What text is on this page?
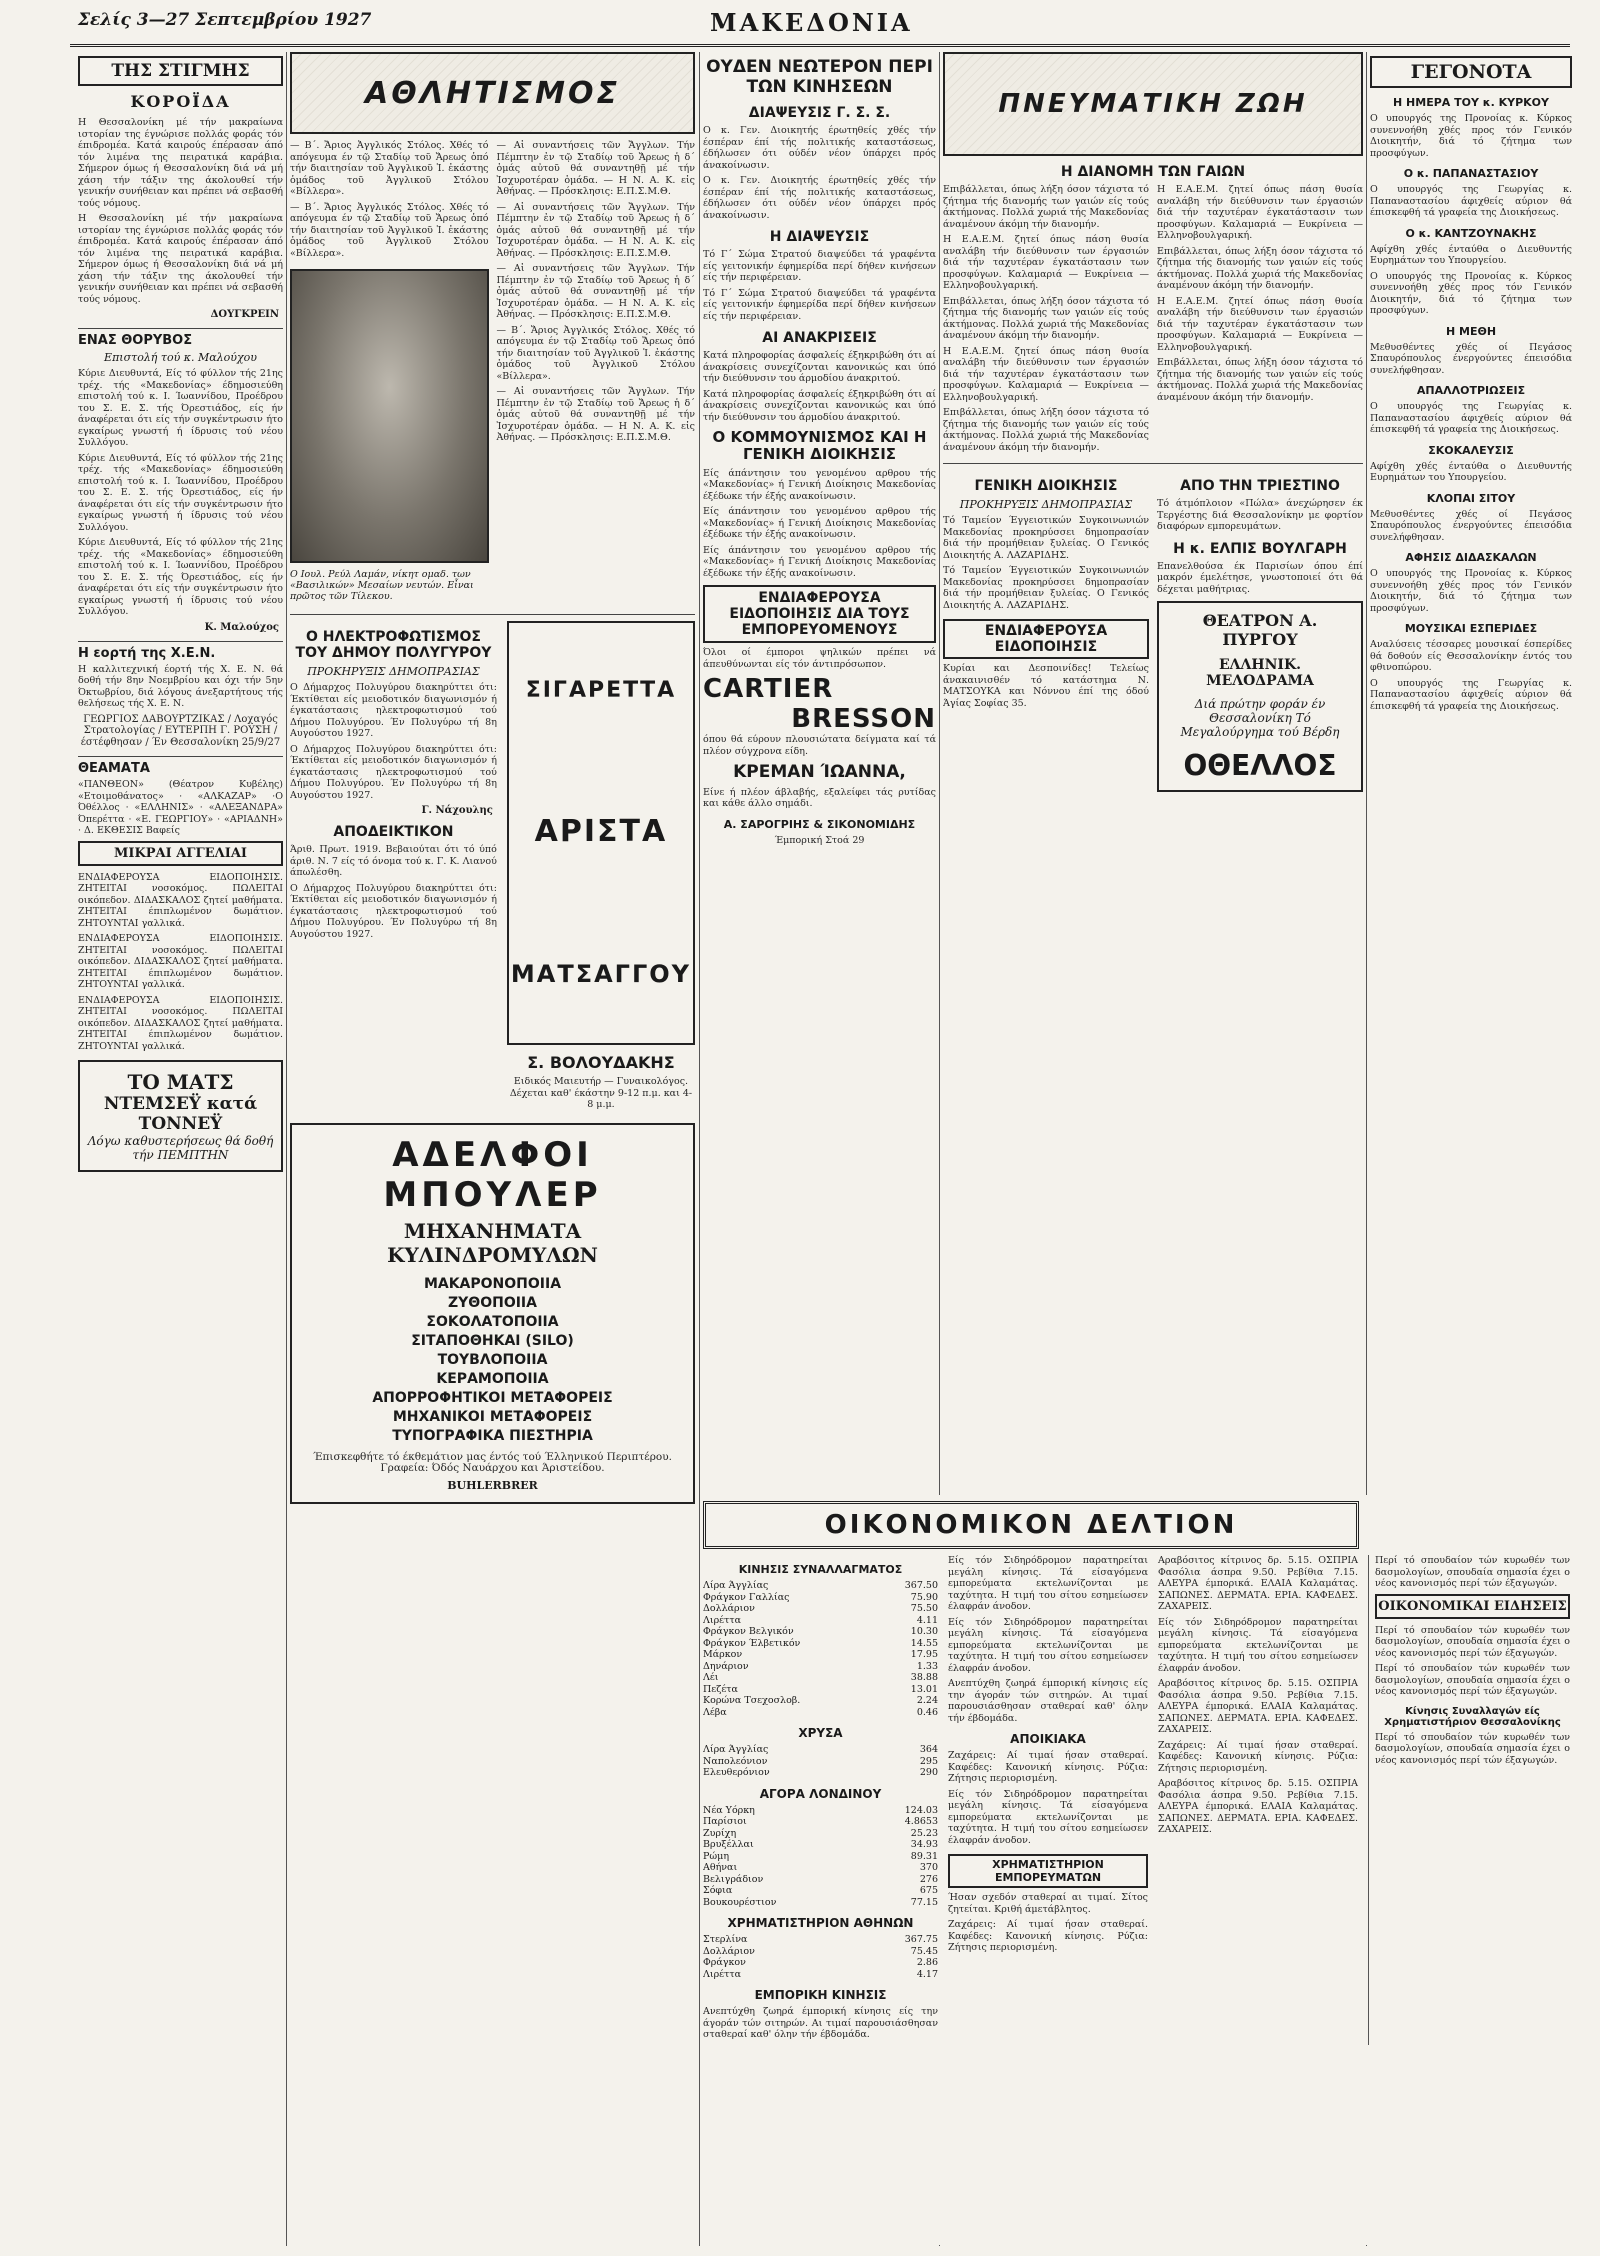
Σελίς 3—27 Σεπτεμβρίου 1927	ΜΑΚΕΔΟΝΙΑ
ΤΗΣ ΣΤΙΓΜΗΣ
ΚΟΡΟΪΔΑ

Η Θεσσαλονίκη μέ τήν μακραίωνα ιστορίαν της έγνώρισε πολλάς φοράς τόν έπιδρομέα. Κατά καιρούς έπέρασαν άπό τόν λιμένα της πειρατικά καράβια. Σήμερον όμως ή Θεσσαλονίκη διά νά μή χάση τήν τάξιν της άκολουθεί τήν γενικήν συνήθειαν και πρέπει νά σεβασθή τούς νόμους.

Η Θεσσαλονίκη μέ τήν μακραίωνα ιστορίαν της έγνώρισε πολλάς φοράς τόν έπιδρομέα. Κατά καιρούς έπέρασαν άπό τόν λιμένα της πειρατικά καράβια. Σήμερον όμως ή Θεσσαλονίκη διά νά μή χάση τήν τάξιν της άκολουθεί τήν γενικήν συνήθειαν και πρέπει νά σεβασθή τούς νόμους.

ΔΟΥΓΚΡΕΙΝ
ΕΝΑΣ ΘΟΡΥΒΟΣ
Επιστολή τού κ. Μαλούχου

Κύριε Διευθυντά, Είς τό φύλλον τής 21ης τρέχ. τής «Μακεδονίας» έδημοσιεύθη επιστολή τού κ. Ι. Ίωαννίδου, Προέδρου του Σ. Ε. Σ. τής Όρεστιάδος, είς ήν άναφέρεται ότι είς τήν συγκέντρωσιν ήτο εγκαίρως γνωστή ή ίδρυσις τού νέου Συλλόγου.

Κύριε Διευθυντά, Είς τό φύλλον τής 21ης τρέχ. τής «Μακεδονίας» έδημοσιεύθη επιστολή τού κ. Ι. Ίωαννίδου, Προέδρου του Σ. Ε. Σ. τής Όρεστιάδος, είς ήν άναφέρεται ότι είς τήν συγκέντρωσιν ήτο εγκαίρως γνωστή ή ίδρυσις τού νέου Συλλόγου.

Κύριε Διευθυντά, Είς τό φύλλον τής 21ης τρέχ. τής «Μακεδονίας» έδημοσιεύθη επιστολή τού κ. Ι. Ίωαννίδου, Προέδρου του Σ. Ε. Σ. τής Όρεστιάδος, είς ήν άναφέρεται ότι είς τήν συγκέντρωσιν ήτο εγκαίρως γνωστή ή ίδρυσις τού νέου Συλλόγου.

Κ. Μαλούχος
Η εορτή της Χ.Ε.Ν.

Η καλλιτεχνική έορτή τής Χ. Ε. Ν. θά δοθή τήν 8ην Νοεμβρίου και όχι τήν 5ην Όκτωβρίου, διά λόγους άνεξαρτήτους τής θελήσεως τής Χ. Ε. Ν.

ΓΕΩΡΓΙΟΣ ΔΑΒΟΥΡΤΖΙΚΑΣ / Λοχαγός Στρατολογίας / ΕΥΤΕΡΠΗ Γ. ΡΟΥΣΗ / έστέφθησαν / Έν Θεσσαλονίκη 25/9/27

ΘΕΑΜΑΤΑ

«ΠΑΝΘΕΟΝ» (Θέατρον Κυβέλης) «Ετοιμοθάνατος» · «ΑΛΚΑΖΑΡ» ·Ο Όθέλλος · «ΕΛΛΗΝΙΣ» · «ΑΛΕΞΑΝΔΡΑ» Όπερέττα · «Ε. ΓΕΩΡΓΙΟΥ» · «ΑΡΙΑΔΝΗ» · Δ. ΕΚΘΕΣΙΣ Βαφείς

ΜΙΚΡΑΙ ΑΓΓΕΛΙΑΙ

ΕΝΔΙΑΦΕΡΟΥΣΑ ΕΙΔΟΠΟΙΗΣΙΣ. ΖΗΤΕΙΤΑΙ νοσοκόμος. ΠΩΛΕΙΤΑΙ οικόπεδον. ΔΙΔΑΣΚΑΛΟΣ ζητεί μαθήματα. ΖΗΤΕΙΤΑΙ έπιπλωμένον δωμάτιον. ΖΗΤΟΥΝΤΑΙ γαλλικά.

ΕΝΔΙΑΦΕΡΟΥΣΑ ΕΙΔΟΠΟΙΗΣΙΣ. ΖΗΤΕΙΤΑΙ νοσοκόμος. ΠΩΛΕΙΤΑΙ οικόπεδον. ΔΙΔΑΣΚΑΛΟΣ ζητεί μαθήματα. ΖΗΤΕΙΤΑΙ έπιπλωμένον δωμάτιον. ΖΗΤΟΥΝΤΑΙ γαλλικά.

ΕΝΔΙΑΦΕΡΟΥΣΑ ΕΙΔΟΠΟΙΗΣΙΣ. ΖΗΤΕΙΤΑΙ νοσοκόμος. ΠΩΛΕΙΤΑΙ οικόπεδον. ΔΙΔΑΣΚΑΛΟΣ ζητεί μαθήματα. ΖΗΤΕΙΤΑΙ έπιπλωμένον δωμάτιον. ΖΗΤΟΥΝΤΑΙ γαλλικά.

ΤΟ ΜΑΤΣ
ΝΤΕΜΣΕΫ κατά
ΤΟΝΝΕΫ
Λόγω καθυστερήσεως θά δοθή τήν ΠΕΜΠΤΗΝ
ΑΘΛΗΤΙΣΜΟΣ

— Β΄. Ἄριος Ἀγγλικός Στόλος. Χθές τό απόγευμα έν τῷ Σταδίῳ τοῦ Ἄρεως ὁπό τήν διαιτησίαν τοῦ Ἀγγλικοῦ Ἱ. ἐκάστης ὁμάδος τοῦ Ἀγγλικοῦ Στόλου «Βίλλερα».

— Β΄. Ἄριος Ἀγγλικός Στόλος. Χθές τό απόγευμα έν τῷ Σταδίῳ τοῦ Ἄρεως ὁπό τήν διαιτησίαν τοῦ Ἀγγλικοῦ Ἱ. ἐκάστης ὁμάδος τοῦ Ἀγγλικοῦ Στόλου «Βίλλερα».

— Αἱ συναντήσεις τῶν Ἄγγλων. Τήν Πέμπτην ἐν τῷ Σταδίῳ τοῦ Ἄρεως ἡ δ΄ ὁμάς αὐτοῦ θά συναντηθῇ μέ τήν Ἰσχυροτέραν ὁμάδα. — Η Ν. Α. Κ. εἰς Ἀθήνας. — Πρόσκλησις: Ε.Π.Σ.Μ.Θ.

— Αἱ συναντήσεις τῶν Ἄγγλων. Τήν Πέμπτην ἐν τῷ Σταδίῳ τοῦ Ἄρεως ἡ δ΄ ὁμάς αὐτοῦ θά συναντηθῇ μέ τήν Ἰσχυροτέραν ὁμάδα. — Η Ν. Α. Κ. εἰς Ἀθήνας. — Πρόσκλησις: Ε.Π.Σ.Μ.Θ.

Ο Ιουλ. Ρεύλ Λαμάν, νίκητ ομαδ. των «Βασιλικών» Μεσαίων νευτών. Εἶναι πρῶτος τῶν Τίλεκου.

— Αἱ συναντήσεις τῶν Ἄγγλων. Τήν Πέμπτην ἐν τῷ Σταδίῳ τοῦ Ἄρεως ἡ δ΄ ὁμάς αὐτοῦ θά συναντηθῇ μέ τήν Ἰσχυροτέραν ὁμάδα. — Η Ν. Α. Κ. εἰς Ἀθήνας. — Πρόσκλησις: Ε.Π.Σ.Μ.Θ.

— Β΄. Ἄριος Ἀγγλικός Στόλος. Χθές τό απόγευμα έν τῷ Σταδίῳ τοῦ Ἄρεως ὁπό τήν διαιτησίαν τοῦ Ἀγγλικοῦ Ἱ. ἐκάστης ὁμάδος τοῦ Ἀγγλικοῦ Στόλου «Βίλλερα».

— Αἱ συναντήσεις τῶν Ἄγγλων. Τήν Πέμπτην ἐν τῷ Σταδίῳ τοῦ Ἄρεως ἡ δ΄ ὁμάς αὐτοῦ θά συναντηθῇ μέ τήν Ἰσχυροτέραν ὁμάδα. — Η Ν. Α. Κ. εἰς Ἀθήνας. — Πρόσκλησις: Ε.Π.Σ.Μ.Θ.

Ο ΗΛΕΚΤΡΟΦΩΤΙΣΜΟΣ ΤΟΥ ΔΗΜΟΥ ΠΟΛΥΓΥΡΟΥ
ΠΡΟΚΗΡΥΞΙΣ ΔΗΜΟΠΡΑΣΙΑΣ

Ο Δήμαρχος Πολυγύρου διακηρύττει ότι: Έκτίθεται είς μειοδοτικόν διαγωνισμόν ή έγκατάστασις ηλεκτροφωτισμού τού Δήμου Πολυγύρου. Έν Πολυγύρω τή 8η Αυγούστου 1927.

Ο Δήμαρχος Πολυγύρου διακηρύττει ότι: Έκτίθεται είς μειοδοτικόν διαγωνισμόν ή έγκατάστασις ηλεκτροφωτισμού τού Δήμου Πολυγύρου. Έν Πολυγύρω τή 8η Αυγούστου 1927.

Γ. Νάχουλης
ΑΠΟΔΕΙΚΤΙΚΟΝ

Άριθ. Πρωτ. 1919. Βεβαιούται ότι τό ύπό άριθ. Ν. 7 είς τό όνομα τού κ. Γ. Κ. Λιανού άπωλέσθη.

Ο Δήμαρχος Πολυγύρου διακηρύττει ότι: Έκτίθεται είς μειοδοτικόν διαγωνισμόν ή έγκατάστασις ηλεκτροφωτισμού τού Δήμου Πολυγύρου. Έν Πολυγύρω τή 8η Αυγούστου 1927.

ΣΙΓΑΡΕΤΤΑ
ΑΡΙΣΤΑ
ΜΑΤΣΑΓΓΟΥ
Σ. ΒΟΛΟΥΔΑΚΗΣ

Ειδικός Μαιευτήρ — Γυναικολόγος. Δέχεται καθ' έκάστην 9-12 π.μ. και 4-8 μ.μ.

ΑΔΕΛΦΟΙ ΜΠΟΥΛΕΡ
ΜΗΧΑΝΗΜΑΤΑ ΚΥΛΙΝΔΡΟΜΥΛΩΝ
ΜΑΚΑΡΟΝΟΠΟΙΙΑ
ΖΥΘΟΠΟΙΙΑ
ΣΟΚΟΛΑΤΟΠΟΙΙΑ
ΣΙΤΑΠΟΘΗΚΑΙ (SILO)
ΤΟΥΒΛΟΠΟΙΙΑ
ΚΕΡΑΜΟΠΟΙΙΑ
ΑΠΟΡΡΟΦΗΤΙΚΟΙ ΜΕΤΑΦΟΡΕΙΣ
ΜΗΧΑΝΙΚΟΙ ΜΕΤΑΦΟΡΕΙΣ
ΤΥΠΟΓΡΑΦΙΚΑ ΠΙΕΣΤΗΡΙΑ

Έπισκεφθήτε τό έκθεμάτιον μας έντός τού Έλληνικού Περιπτέρου. Γραφεία: Όδός Ναυάρχου και Άριστείδου.

BUHLERBRER
ΟΥΔΕΝ ΝΕΩΤΕΡΟΝ ΠΕΡΙ ΤΩΝ ΚΙΝΗΣΕΩΝ
ΔΙΑΨΕΥΣΙΣ Γ. Σ. Σ.

Ο κ. Γεν. Διοικητής έρωτηθείς χθές τήν έσπέραν έπί τής πολιτικής καταστάσεως, έδήλωσεν ότι ούδέν νέον ύπάρχει πρός άνακοίνωσιν.

Ο κ. Γεν. Διοικητής έρωτηθείς χθές τήν έσπέραν έπί τής πολιτικής καταστάσεως, έδήλωσεν ότι ούδέν νέον ύπάρχει πρός άνακοίνωσιν.

Η ΔΙΑΨΕΥΣΙΣ

Τό Γ΄ Σώμα Στρατού διαψεύδει τά γραφέντα είς γειτονικήν έφημερίδα περί δήθεν κινήσεων είς τήν περιφέρειαν.

Τό Γ΄ Σώμα Στρατού διαψεύδει τά γραφέντα είς γειτονικήν έφημερίδα περί δήθεν κινήσεων είς τήν περιφέρειαν.

ΑΙ ΑΝΑΚΡΙΣΕΙΣ

Κατά πληροφορίας άσφαλείς έξηκριβώθη ότι αί άνακρίσεις συνεχίζονται κανονικώς και ύπό τήν διεύθυνσιν του άρμοδίου άνακριτού.

Κατά πληροφορίας άσφαλείς έξηκριβώθη ότι αί άνακρίσεις συνεχίζονται κανονικώς και ύπό τήν διεύθυνσιν του άρμοδίου άνακριτού.

Ο ΚΟΜΜΟΥΝΙΣΜΟΣ ΚΑΙ Η ΓΕΝΙΚΗ ΔΙΟΙΚΗΣΙΣ

Είς άπάντησιν του γενομένου αρθρου τής «Μακεδονίας» ή Γενική Διοίκησις Μακεδονίας έξέδωκε τήν έξής ανακοίνωσιν.

Είς άπάντησιν του γενομένου αρθρου τής «Μακεδονίας» ή Γενική Διοίκησις Μακεδονίας έξέδωκε τήν έξής ανακοίνωσιν.

Είς άπάντησιν του γενομένου αρθρου τής «Μακεδονίας» ή Γενική Διοίκησις Μακεδονίας έξέδωκε τήν έξής ανακοίνωσιν.

ΕΝΔΙΑΦΕΡΟΥΣΑ ΕΙΔΟΠΟΙΗΣΙΣ ΔΙΑ ΤΟΥΣ ΕΜΠΟΡΕΥΟΜΕΝΟΥΣ

Όλοι οί έμποροι ψηλικών πρέπει νά άπευθύνωνται είς τόν άντιπρόσωπον.

CARTIER
BRESSON

όπου θά εύρουν πλουσιώτατα δείγματα καί τά πλέον σύγχρονα είδη.

ΚΡΕΜΑΝ ΊΩΑΝΝΑ,

Είνε ή πλέον άβλαβής, εξαλείφει τάς ρυτίδας και κάθε άλλο σημάδι.

Α. ΣΑΡΟΓΡΙΗΣ & ΣΙΚΟΝΟΜΙΔΗΣ

Έμπορική Στοά 29

ΠΝΕΥΜΑΤΙΚΗ ΖΩΗ
Η ΔΙΑΝΟΜΗ ΤΩΝ ΓΑΙΩΝ

Επιβάλλεται, όπως λήξη όσον τάχιστα τό ζήτημα τής διανομής των γαιών είς τούς άκτήμονας. Πολλά χωριά τής Μακεδονίας άναμένουν άκόμη τήν διανομήν.

Η Ε.Α.Ε.Μ. ζητεί όπως πάση θυσία αναλάβη τήν διεύθυνσιν των έργασιών διά τήν ταχυτέραν έγκατάστασιν των προσφύγων. Καλαμαριά — Ευκρίνεια — Ελληνοβουλγαρική.

Επιβάλλεται, όπως λήξη όσον τάχιστα τό ζήτημα τής διανομής των γαιών είς τούς άκτήμονας. Πολλά χωριά τής Μακεδονίας άναμένουν άκόμη τήν διανομήν.

Η Ε.Α.Ε.Μ. ζητεί όπως πάση θυσία αναλάβη τήν διεύθυνσιν των έργασιών διά τήν ταχυτέραν έγκατάστασιν των προσφύγων. Καλαμαριά — Ευκρίνεια — Ελληνοβουλγαρική.

Επιβάλλεται, όπως λήξη όσον τάχιστα τό ζήτημα τής διανομής των γαιών είς τούς άκτήμονας. Πολλά χωριά τής Μακεδονίας άναμένουν άκόμη τήν διανομήν.

Η Ε.Α.Ε.Μ. ζητεί όπως πάση θυσία αναλάβη τήν διεύθυνσιν των έργασιών διά τήν ταχυτέραν έγκατάστασιν των προσφύγων. Καλαμαριά — Ευκρίνεια — Ελληνοβουλγαρική.

Επιβάλλεται, όπως λήξη όσον τάχιστα τό ζήτημα τής διανομής των γαιών είς τούς άκτήμονας. Πολλά χωριά τής Μακεδονίας άναμένουν άκόμη τήν διανομήν.

Η Ε.Α.Ε.Μ. ζητεί όπως πάση θυσία αναλάβη τήν διεύθυνσιν των έργασιών διά τήν ταχυτέραν έγκατάστασιν των προσφύγων. Καλαμαριά — Ευκρίνεια — Ελληνοβουλγαρική.

Επιβάλλεται, όπως λήξη όσον τάχιστα τό ζήτημα τής διανομής των γαιών είς τούς άκτήμονας. Πολλά χωριά τής Μακεδονίας άναμένουν άκόμη τήν διανομήν.

ΓΕΝΙΚΗ ΔΙΟΙΚΗΣΙΣ
ΠΡΟΚΗΡΥΞΙΣ ΔΗΜΟΠΡΑΣΙΑΣ

Τό Ταμείον Έγγειοτικών Συγκοινωνιών Μακεδονίας προκηρύσσει δημοπρασίαν διά τήν προμήθειαν ξυλείας. Ο Γενικός Διοικητής Α. ΛΑΖΑΡΙΔΗΣ.

Τό Ταμείον Έγγειοτικών Συγκοινωνιών Μακεδονίας προκηρύσσει δημοπρασίαν διά τήν προμήθειαν ξυλείας. Ο Γενικός Διοικητής Α. ΛΑΖΑΡΙΔΗΣ.

ΕΝΔΙΑΦΕΡΟΥΣΑ ΕΙΔΟΠΟΙΗΣΙΣ

Κυρίαι και Δεσποινίδες! Τελείως άνακαινισθέν τό κατάστημα Ν. ΜΑΤΣΟΥΚΑ και Νόννου έπί της όδού Άγίας Σοφίας 35.

ΑΠΟ ΤΗΝ ΤΡΙΕΣΤΙΝΟ

Τό άτμόπλοιον «Πώλα» άνεχώρησεν έκ Τεργέστης διά Θεσσαλονίκην με φορτίον διαφόρων εμπορευμάτων.

Η κ. ΕΛΠΙΣ ΒΟΥΛΓΑΡΗ

Επανελθούσα έκ Παρισίων όπου έπί μακρόν έμελέτησε, γνωστοποιεί ότι θά δέχεται μαθήτριας.

ΘΕΑΤΡΟΝ Α. ΠΥΡΓΟΥ
ΕΛΛΗΝΙΚ. ΜΕΛΟΔΡΑΜΑ
Διά πρώτην φοράν έν Θεσσαλονίκη Τό Μεγαλούργημα τού Βέρδη
ΟΘΕΛΛΟΣ
ΓΕΓΟΝΟΤΑ
Η ΗΜΕΡΑ ΤΟΥ κ. ΚΥΡΚΟΥ

Ο υπουργός της Προνοίας κ. Κύρκος συνεννοήθη χθές προς τόν Γενικόν Διοικητήν, διά τό ζήτημα των προσφύγων.

Ο κ. ΠΑΠΑΝΑΣΤΑΣΙΟΥ

Ο υπουργός της Γεωργίας κ. Παπαναστασίου άφιχθείς αύριον θά έπισκεφθή τά γραφεία της Διοικήσεως.

Ο κ. ΚΑΝΤΖΟΥΝΑΚΗΣ

Αφίχθη χθές ένταύθα ο Διευθυντής Ευρημάτων του Υπουργείου.

Ο υπουργός της Προνοίας κ. Κύρκος συνεννοήθη χθές προς τόν Γενικόν Διοικητήν, διά τό ζήτημα των προσφύγων.

Η ΜΕΘΗ

Μεθυσθέντες χθές οί Πεγάσος Σπαυρόπουλος ένεργούντες έπεισόδια συνελήφθησαν.

ΑΠΑΛΛΟΤΡΙΩΣΕΙΣ

Ο υπουργός της Γεωργίας κ. Παπαναστασίου άφιχθείς αύριον θά έπισκεφθή τά γραφεία της Διοικήσεως.

ΣΚΟΚΑΛΕΥΣΙΣ

Αφίχθη χθές ένταύθα ο Διευθυντής Ευρημάτων του Υπουργείου.

ΚΛΟΠΑΙ ΣΙΤΟΥ

Μεθυσθέντες χθές οί Πεγάσος Σπαυρόπουλος ένεργούντες έπεισόδια συνελήφθησαν.

ΑΦΗΣΙΣ ΔΙΔΑΣΚΑΛΩΝ

Ο υπουργός της Προνοίας κ. Κύρκος συνεννοήθη χθές προς τόν Γενικόν Διοικητήν, διά τό ζήτημα των προσφύγων.

ΜΟΥΣΙΚΑΙ ΕΣΠΕΡΙΔΕΣ

Αναλύσεις τέσσαρες μουσικαί έσπερίδες θά δοθούν είς Θεσσαλονίκην έντός του φθινοπώρου.

Ο υπουργός της Γεωργίας κ. Παπαναστασίου άφιχθείς αύριον θά έπισκεφθή τά γραφεία της Διοικήσεως.

ΟΙΚΟΝΟΜΙΚΟΝ ΔΕΛΤΙΟΝ
ΚΙΝΗΣΙΣ ΣΥΝΑΛΛΑΓΜΑΤΟΣ
Λίρα Άγγλίας	367.50
Φράγκον Γαλλίας	75.90
Δολλάριον	75.50
Λιρέττα	4.11
Φράγκον Βελγικόν	10.30
Φράγκον Έλβετικόν	14.55
Μάρκον	17.95
Δηνάριον	1.33
Λέι	38.88
Πεζέτα	13.01
Κορώνα Τσεχοσλοβ.	2.24
Λέβα	0.46
ΧΡΥΣΑ
Λίρα Άγγλίας	364
Ναπολεόνιον	295
Ελευθερόνιον	290
ΑΓΟΡΑ ΛΟΝΔΙΝΟΥ
Νέα Υόρκη	124.03
Παρίσιοι	4.8653
Ζυρίχη	25.23
Βρυξέλλαι	34.93
Ρώμη	89.31
Αθήναι	370
Βελιγράδιον	276
Σόφια	675
Βουκουρέστιον	77.15
ΧΡΗΜΑΤΙΣΤΗΡΙΟΝ ΑΘΗΝΩΝ
Στερλίνα	367.75
Δολλάριον	75.45
Φράγκον	2.86
Λιρέττα	4.17
ΕΜΠΟΡΙΚΗ ΚΙΝΗΣΙΣ

Ανεπτύχθη ζωηρά έμπορική κίνησις είς την άγοράν τών σιτηρών. Αι τιμαί παρουσιάσθησαν σταθεραί καθ' όλην τήν έβδομάδα.

Είς τόν Σιδηρόδρομον παρατηρείται μεγάλη κίνησις. Τά είσαγόμενα εμπορεύματα εκτελωνίζονται με ταχύτητα. Η τιμή του σίτου εσημείωσεν έλαφράν άνοδον.

Είς τόν Σιδηρόδρομον παρατηρείται μεγάλη κίνησις. Τά είσαγόμενα εμπορεύματα εκτελωνίζονται με ταχύτητα. Η τιμή του σίτου εσημείωσεν έλαφράν άνοδον.

Ανεπτύχθη ζωηρά έμπορική κίνησις είς την άγοράν τών σιτηρών. Αι τιμαί παρουσιάσθησαν σταθεραί καθ' όλην τήν έβδομάδα.

ΑΠΟΙΚΙΑΚΑ

Ζαχάρεις: Αί τιμαί ήσαν σταθεραί. Καφέδες: Κανονική κίνησις. Ρύζια: Ζήτησις περιορισμένη.

Είς τόν Σιδηρόδρομον παρατηρείται μεγάλη κίνησις. Τά είσαγόμενα εμπορεύματα εκτελωνίζονται με ταχύτητα. Η τιμή του σίτου εσημείωσεν έλαφράν άνοδον.

ΧΡΗΜΑΤΙΣΤΗΡΙΟΝ ΕΜΠΟΡΕΥΜΑΤΩΝ

Ήσαν σχεδόν σταθεραί αι τιμαί. Σίτος ζητείται. Κριθή άμετάβλητος.

Ζαχάρεις: Αί τιμαί ήσαν σταθεραί. Καφέδες: Κανονική κίνησις. Ρύζια: Ζήτησις περιορισμένη.

Αραβόσιτος κίτρινος δρ. 5.15. ΟΣΠΡΙΑ Φασόλια άσπρα 9.50. Ρεβίθια 7.15. ΑΛΕΥΡΑ έμπορικά. ΕΛΑΙΑ Καλαμάτας. ΣΑΠΩΝΕΣ. ΔΕΡΜΑΤΑ. ΕΡΙΑ. ΚΑΦΕΔΕΣ. ΖΑΧΑΡΕΙΣ.

Είς τόν Σιδηρόδρομον παρατηρείται μεγάλη κίνησις. Τά είσαγόμενα εμπορεύματα εκτελωνίζονται με ταχύτητα. Η τιμή του σίτου εσημείωσεν έλαφράν άνοδον.

Αραβόσιτος κίτρινος δρ. 5.15. ΟΣΠΡΙΑ Φασόλια άσπρα 9.50. Ρεβίθια 7.15. ΑΛΕΥΡΑ έμπορικά. ΕΛΑΙΑ Καλαμάτας. ΣΑΠΩΝΕΣ. ΔΕΡΜΑΤΑ. ΕΡΙΑ. ΚΑΦΕΔΕΣ. ΖΑΧΑΡΕΙΣ.

Ζαχάρεις: Αί τιμαί ήσαν σταθεραί. Καφέδες: Κανονική κίνησις. Ρύζια: Ζήτησις περιορισμένη.

Αραβόσιτος κίτρινος δρ. 5.15. ΟΣΠΡΙΑ Φασόλια άσπρα 9.50. Ρεβίθια 7.15. ΑΛΕΥΡΑ έμπορικά. ΕΛΑΙΑ Καλαμάτας. ΣΑΠΩΝΕΣ. ΔΕΡΜΑΤΑ. ΕΡΙΑ. ΚΑΦΕΔΕΣ. ΖΑΧΑΡΕΙΣ.

Περί τό σπουδαίον τών κυρωθέν των δασμολογίων, σπουδαία σημασία έχει ο νέος κανονισμός περί τών έξαγωγών.

ΟΙΚΟΝΟΜΙΚΑΙ ΕΙΔΗΣΕΙΣ

Περί τό σπουδαίον τών κυρωθέν των δασμολογίων, σπουδαία σημασία έχει ο νέος κανονισμός περί τών έξαγωγών.

Περί τό σπουδαίον τών κυρωθέν των δασμολογίων, σπουδαία σημασία έχει ο νέος κανονισμός περί τών έξαγωγών.

Κίνησις Συναλλαγών είς Χρηματιστήριον Θεσσαλονίκης

Περί τό σπουδαίον τών κυρωθέν των δασμολογίων, σπουδαία σημασία έχει ο νέος κανονισμός περί τών έξαγωγών.
